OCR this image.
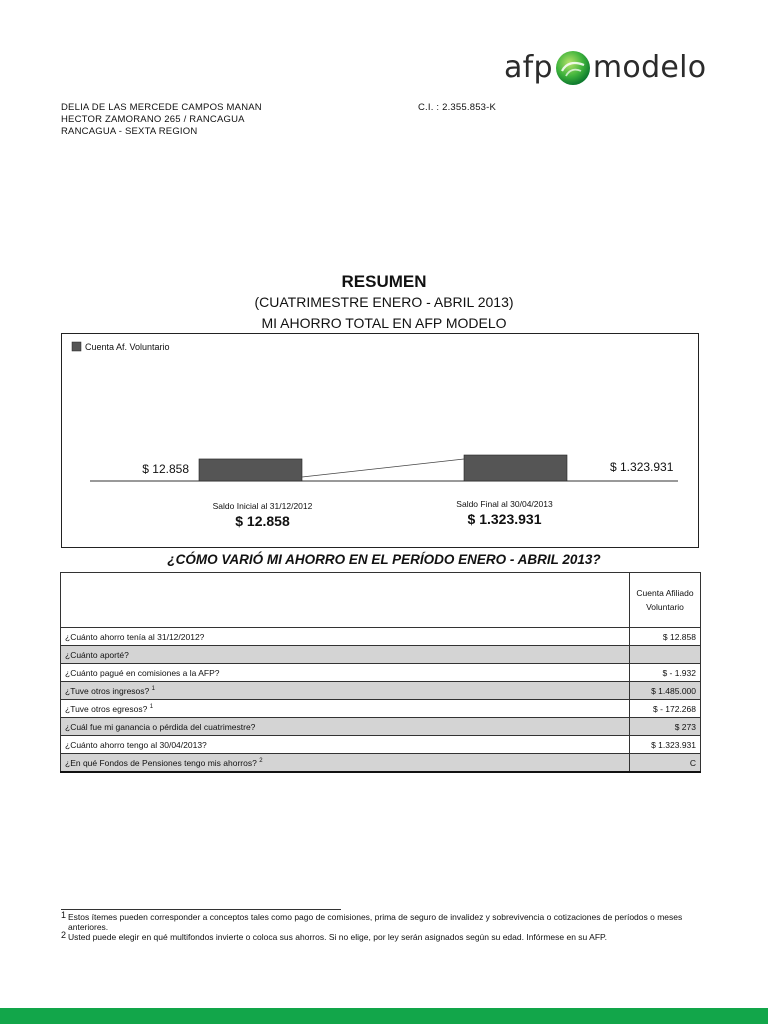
afp modelo
DELIA DE LAS MERCEDE CAMPOS MANAN
HECTOR ZAMORANO 265 / RANCAGUA
RANCAGUA - SEXTA REGION
C.I. : 2.355.853-K
RESUMEN
(CUATRIMESTRE ENERO - ABRIL 2013)
MI AHORRO TOTAL EN AFP MODELO
Cuenta Af. Voluntario
$ 12.858	$ 1.323.931
Saldo Inicial al 31/12/2012
$ 12.858
Saldo Final al 30/04/2013
$ 1.323.931
¿CÓMO VARIÓ MI AHORRO EN EL PERÍODO ENERO - ABRIL 2013?

	Cuenta Afiliado
Voluntario

¿Cuánto ahorro tenía al 31/12/2012?	$ 12.858
¿Cuánto aporté?	
¿Cuánto pagué en comisiones a la AFP?	$ - 1.932
¿Tuve otros ingresos? $^1$	$ 1.485.000
¿Tuve otros egresos? $^1$	$ - 172.268
¿Cuál fue mi ganancia o pérdida del cuatrimestre?	$ 273
¿Cuánto ahorro tengo al 30/04/2013?	$ 1.323.931
¿En qué Fondos de Pensiones tengo mis ahorros? $^2$	C
1 Estos ítemes pueden corresponder a conceptos tales como pago de comisiones, prima de seguro de invalidez y sobrevivencia o cotizaciones de períodos o meses anteriores.
2 Usted puede elegir en qué multifondos invierte o coloca sus ahorros. Si no elige, por ley serán asignados según su edad. Infórmese en su AFP.
